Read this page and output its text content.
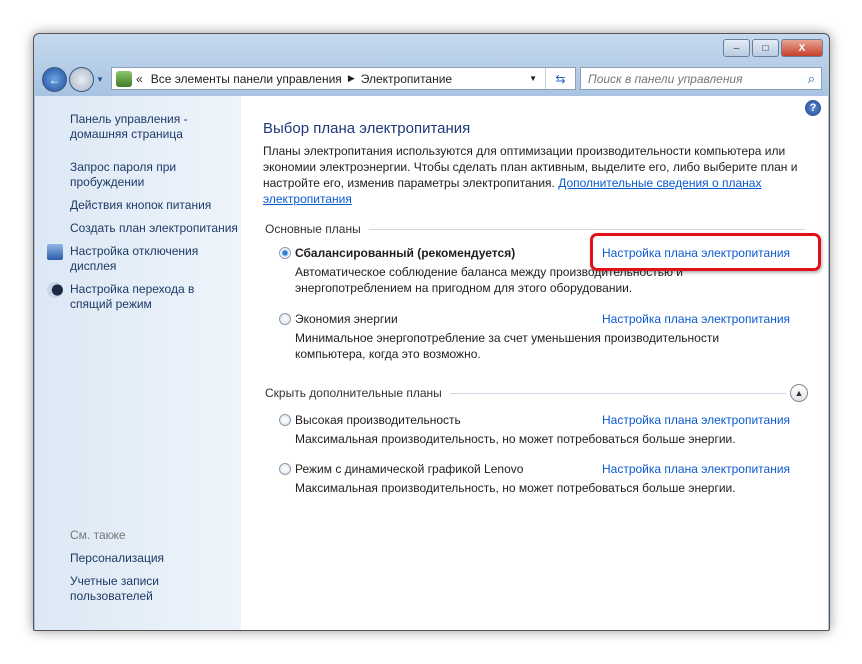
‒	□	X
← → ▼	« Все элементы панели управления ▶ Электропитание	▼	⇆	Поиск в панели управления	⌕
Панель управления - домашняя страница
Запрос пароля при пробуждении
Действия кнопок питания
Создать план электропитания
Настройка отключения дисплея
Настройка перехода в спящий режим
См. также
Персонализация
Учетные записи пользователей
?
Выбор плана электропитания
Планы электропитания используются для оптимизации производительности компьютера или экономии электроэнергии. Чтобы сделать план активным, выделите его, либо выберите план и настройте его, изменив параметры электропитания. Дополнительные сведения о планах электропитания
Основные планы
Сбалансированный (рекомендуется)	Настройка плана электропитания
Автоматическое соблюдение баланса между производительностью и энергопотреблением на пригодном для этого оборудовании.
Экономия энергии	Настройка плана электропитания
Минимальное энергопотребление за счет уменьшения производительности компьютера, когда это возможно.
Скрыть дополнительные планы	▲
Высокая производительность	Настройка плана электропитания
Максимальная производительность, но может потребоваться больше энергии.
Режим с динамической графикой Lenovo	Настройка плана электропитания
Максимальная производительность, но может потребоваться больше энергии.
